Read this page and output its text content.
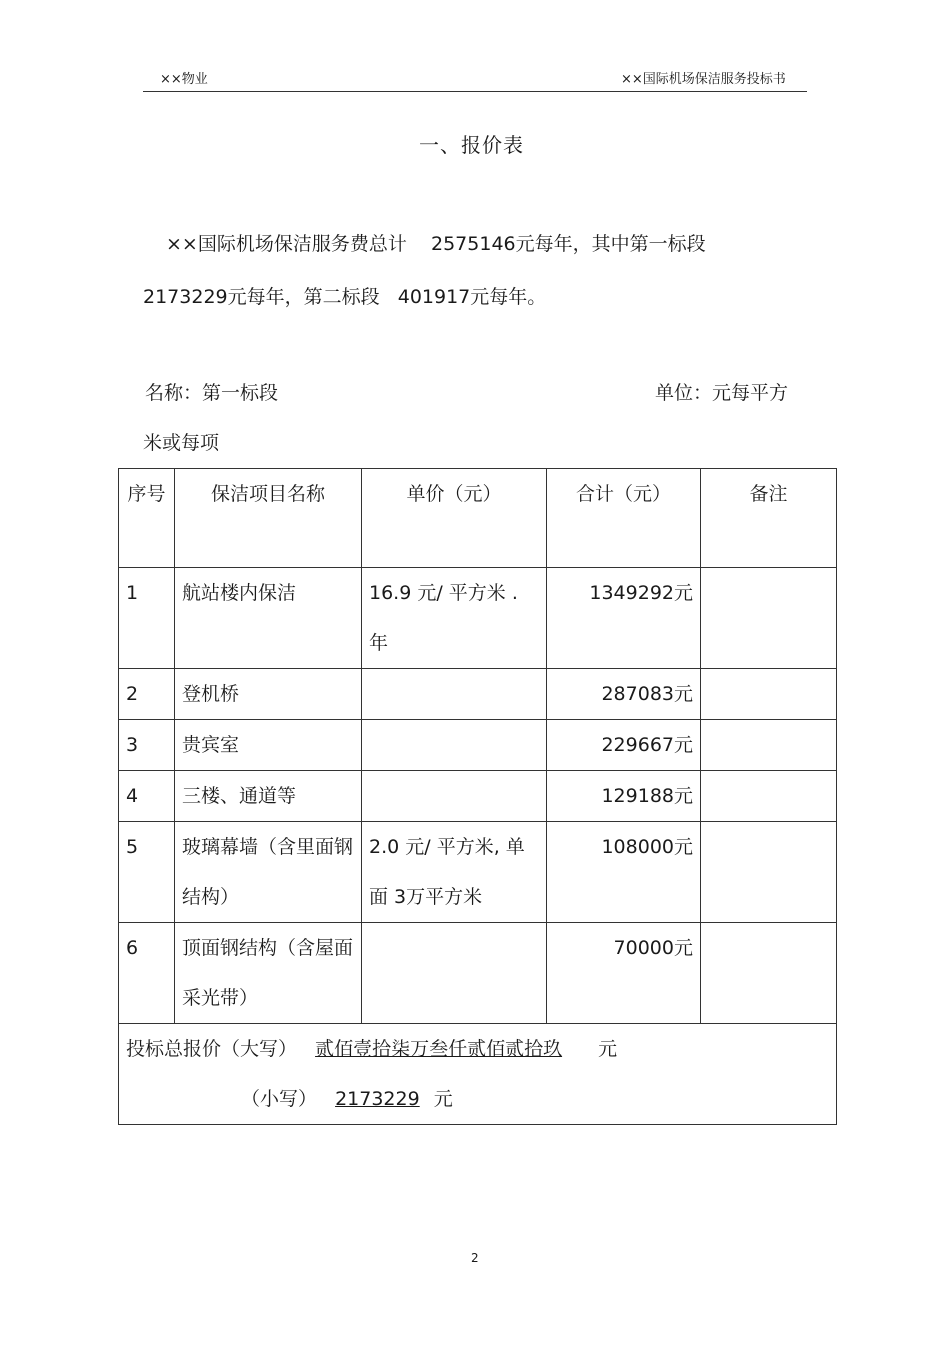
××物业	××国际机场保洁服务投标书
一、报价表
××国际机场保洁服务费总计    2575146元每年，其中第一标段
2173229元每年，第二标段   401917元每年。
名称：第一标段	单位：元每平方
米或每项
序号	保洁项目名称	单价（元）	合计（元）	备注
1	航站楼内保洁	16.9 元/ 平方米 . 年	1349292元	
2	登机桥		287083元	
3	贵宾室		229667元	
4	三楼、通道等		129188元	
5	玻璃幕墙（含里面钢结构）	2.0 元/ 平方米, 单面 3万平方米	108000元	
6	顶面钢结构（含屋面采光带）		70000元	

投标总报价（大写） 贰佰壹拾柒万叁仟贰佰贰拾玖 元
（小写） 2173229 元				
2
